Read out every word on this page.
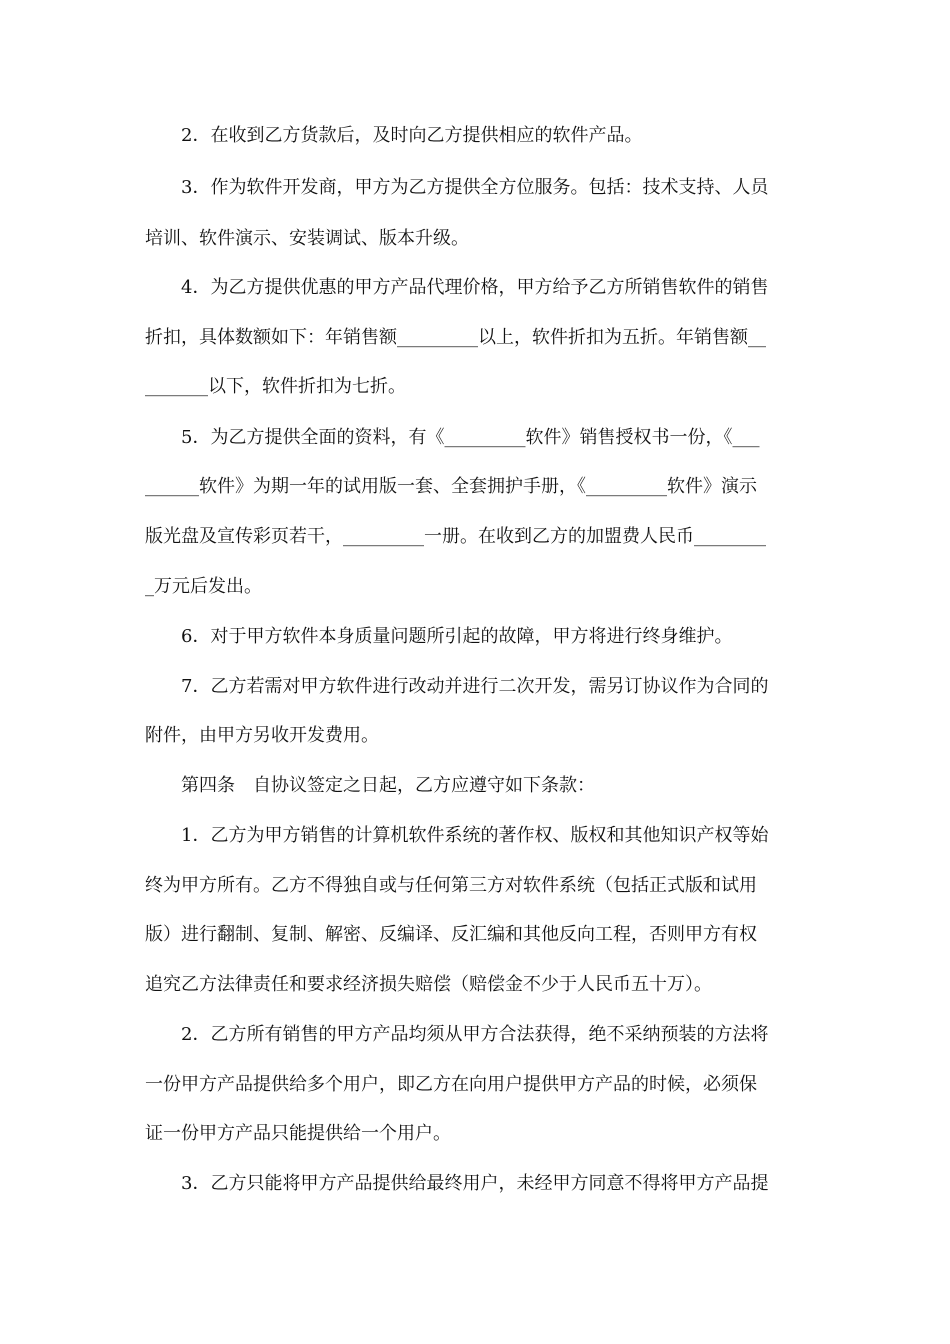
2．在收到乙方货款后，及时向乙方提供相应的软件产品。

3．作为软件开发商，甲方为乙方提供全方位服务。包括：技术支持、人员

培训、软件演示、安装调试、版本升级。

4．为乙方提供优惠的甲方产品代理价格，甲方给予乙方所销售软件的销售

折扣，具体数额如下：年销售额_________以上，软件折扣为五折。年销售额__

_______以下，软件折扣为七折。

5．为乙方提供全面的资料，有《_________软件》销售授权书一份，《___

______软件》为期一年的试用版一套、全套拥护手册，《_________软件》演示

版光盘及宣传彩页若干，_________一册。在收到乙方的加盟费人民币________

_万元后发出。

6．对于甲方软件本身质量问题所引起的故障，甲方将进行终身维护。

7．乙方若需对甲方软件进行改动并进行二次开发，需另订协议作为合同的

附件，由甲方另收开发费用。

第四条　自协议签定之日起，乙方应遵守如下条款：

1．乙方为甲方销售的计算机软件系统的著作权、版权和其他知识产权等始

终为甲方所有。乙方不得独自或与任何第三方对软件系统（包括正式版和试用

版）进行翻制、复制、解密、反编译、反汇编和其他反向工程，否则甲方有权

追究乙方法律责任和要求经济损失赔偿（赔偿金不少于人民币五十万）。

2．乙方所有销售的甲方产品均须从甲方合法获得，绝不采纳预装的方法将

一份甲方产品提供给多个用户，即乙方在向用户提供甲方产品的时候，必须保

证一份甲方产品只能提供给一个用户。

3．乙方只能将甲方产品提供给最终用户，未经甲方同意不得将甲方产品提
